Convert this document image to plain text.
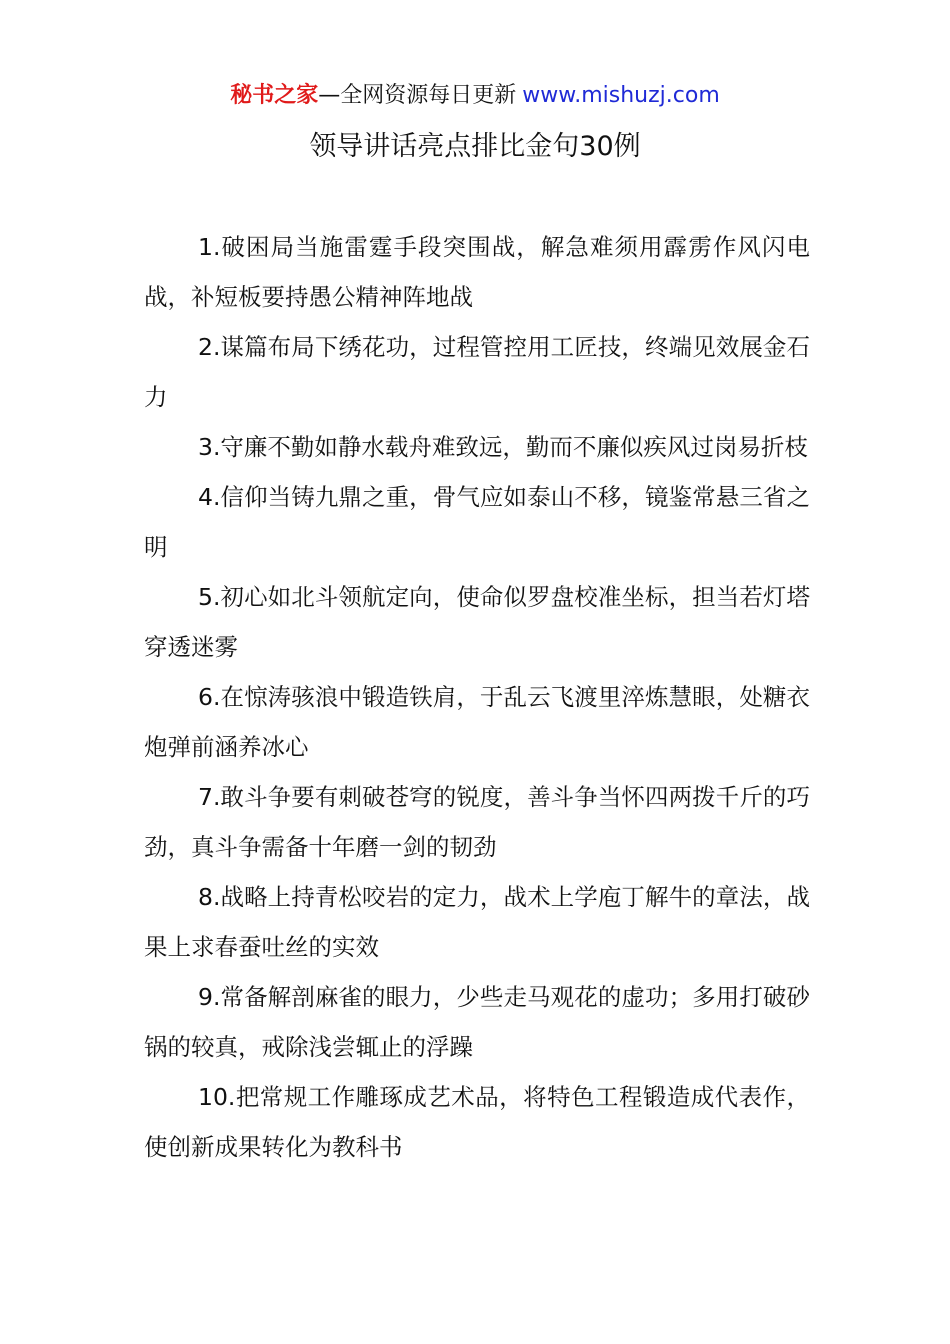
秘书之家—全网资源每日更新 www.mishuzj.com
领导讲话亮点排比金句30例

1.破困局当施雷霆手段突围战，解急难须用霹雳作风闪电战，补短板要持愚公精神阵地战

2.谋篇布局下绣花功，过程管控用工匠技，终端见效展金石力

3.守廉不勤如静水载舟难致远，勤而不廉似疾风过岗易折枝

4.信仰当铸九鼎之重，骨气应如泰山不移，镜鉴常悬三省之明

5.初心如北斗领航定向，使命似罗盘校准坐标，担当若灯塔穿透迷雾

6.在惊涛骇浪中锻造铁肩，于乱云飞渡里淬炼慧眼，处糖衣炮弹前涵养冰心

7.敢斗争要有刺破苍穹的锐度，善斗争当怀四两拨千斤的巧劲，真斗争需备十年磨一剑的韧劲

8.战略上持青松咬岩的定力，战术上学庖丁解牛的章法，战果上求春蚕吐丝的实效

9.常备解剖麻雀的眼力，少些走马观花的虚功；多用打破砂锅的较真，戒除浅尝辄止的浮躁

10.把常规工作雕琢成艺术品，将特色工程锻造成代表作，使创新成果转化为教科书
